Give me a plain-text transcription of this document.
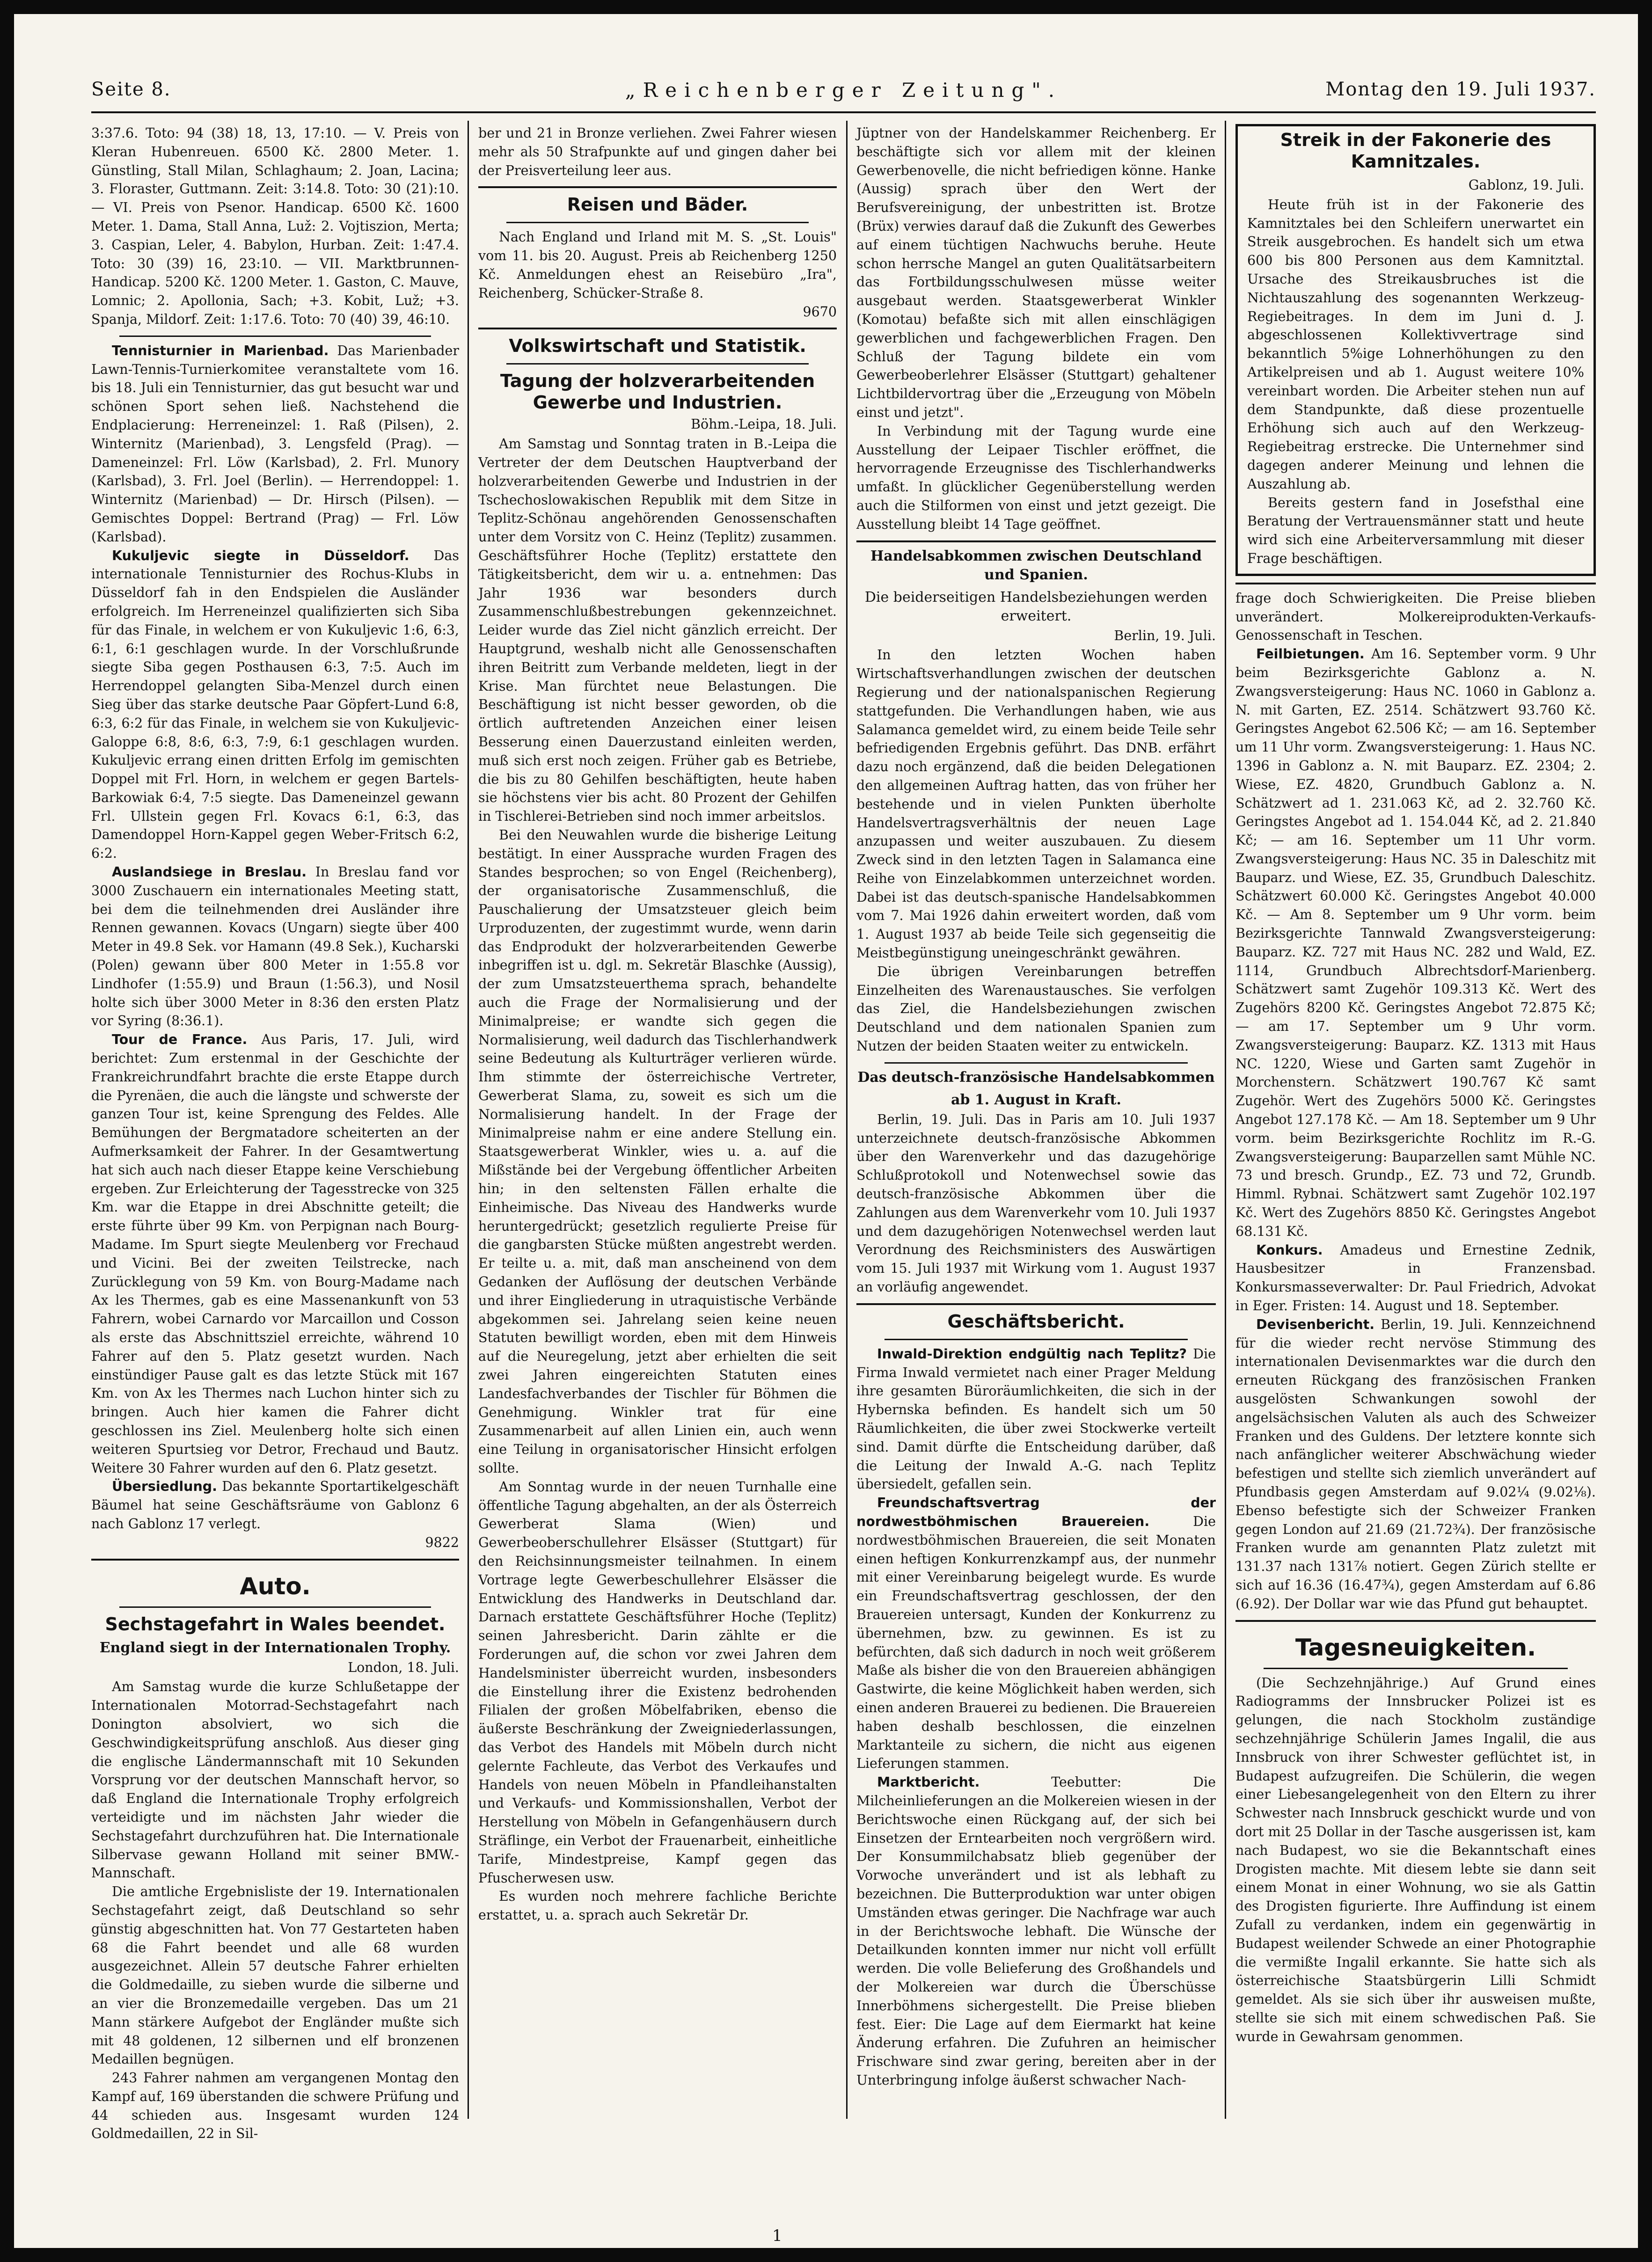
Seite 8.	„Reichenberger Zeitung".	Montag den 19. Juli 1937.

3:37.6. Toto: 94 (38) 18, 13, 17:10. — V. Preis von Kleran Hubenreuen. 6500 Kč. 2800 Meter. 1. Günstling, Stall Milan, Schlaghaum; 2. Joan, Lacina; 3. Floraster, Guttmann. Zeit: 3:14.8. Toto: 30 (21):10. — VI. Preis von Psenor. Handicap. 6500 Kč. 1600 Meter. 1. Dama, Stall Anna, Luž: 2. Vojtiszion, Merta; 3. Caspian, Leler, 4. Babylon, Hurban. Zeit: 1:47.4. Toto: 30 (39) 16, 23:10. — VII. Marktbrunnen-Handicap. 5200 Kč. 1200 Meter. 1. Gaston, C. Mauve, Lomnic; 2. Apollonia, Sach; +3. Kobit, Luž; +3. Spanja, Mildorf. Zeit: 1:17.6. Toto: 70 (40) 39, 46:10.

Tennisturnier in Marienbad. Das Marienbader Lawn-Tennis-Turnierkomitee veranstaltete vom 16. bis 18. Juli ein Tennisturnier, das gut besucht war und schönen Sport sehen ließ. Nachstehend die Endplacierung: Herreneinzel: 1. Raß (Pilsen), 2. Winternitz (Marienbad), 3. Lengsfeld (Prag). — Dameneinzel: Frl. Löw (Karlsbad), 2. Frl. Munory (Karlsbad), 3. Frl. Joel (Berlin). — Herrendoppel: 1. Winternitz (Marienbad) — Dr. Hirsch (Pilsen). — Gemischtes Doppel: Bertrand (Prag) — Frl. Löw (Karlsbad).

Kukuljevic siegte in Düsseldorf. Das internationale Tennisturnier des Rochus-Klubs in Düsseldorf fah in den Endspielen die Ausländer erfolgreich. Im Herreneinzel qualifizierten sich Siba für das Finale, in welchem er von Kukuljevic 1:6, 6:3, 6:1, 6:1 geschlagen wurde. In der Vorschlußrunde siegte Siba gegen Posthausen 6:3, 7:5. Auch im Herrendoppel gelangten Siba-Menzel durch einen Sieg über das starke deutsche Paar Göpfert-Lund 6:8, 6:3, 6:2 für das Finale, in welchem sie von Kukuljevic-Galoppe 6:8, 8:6, 6:3, 7:9, 6:1 geschlagen wurden. Kukuljevic errang einen dritten Erfolg im gemischten Doppel mit Frl. Horn, in welchem er gegen Bartels-Barkowiak 6:4, 7:5 siegte. Das Dameneinzel gewann Frl. Ullstein gegen Frl. Kovacs 6:1, 6:3, das Damendoppel Horn-Kappel gegen Weber-Fritsch 6:2, 6:2.

Auslandsiege in Breslau. In Breslau fand vor 3000 Zuschauern ein internationales Meeting statt, bei dem die teilnehmenden drei Ausländer ihre Rennen gewannen. Kovacs (Ungarn) siegte über 400 Meter in 49.8 Sek. vor Hamann (49.8 Sek.), Kucharski (Polen) gewann über 800 Meter in 1:55.8 vor Lindhofer (1:55.9) und Braun (1:56.3), und Nosil holte sich über 3000 Meter in 8:36 den ersten Platz vor Syring (8:36.1).

Tour de France. Aus Paris, 17. Juli, wird berichtet: Zum erstenmal in der Geschichte der Frankreichrundfahrt brachte die erste Etappe durch die Pyrenäen, die auch die längste und schwerste der ganzen Tour ist, keine Sprengung des Feldes. Alle Bemühungen der Bergmatadore scheiterten an der Aufmerksamkeit der Fahrer. In der Gesamtwertung hat sich auch nach dieser Etappe keine Verschiebung ergeben. Zur Erleichterung der Tagesstrecke von 325 Km. war die Etappe in drei Abschnitte geteilt; die erste führte über 99 Km. von Perpignan nach Bourg-Madame. Im Spurt siegte Meulenberg vor Frechaud und Vicini. Bei der zweiten Teilstrecke, nach Zurücklegung von 59 Km. von Bourg-Madame nach Ax les Thermes, gab es eine Massenankunft von 53 Fahrern, wobei Carnardo vor Marcaillon und Cosson als erste das Abschnittsziel erreichte, während 10 Fahrer auf den 5. Platz gesetzt wurden. Nach einstündiger Pause galt es das letzte Stück mit 167 Km. von Ax les Thermes nach Luchon hinter sich zu bringen. Auch hier kamen die Fahrer dicht geschlossen ins Ziel. Meulenberg holte sich einen weiteren Spurtsieg vor Detror, Frechaud und Bautz. Weitere 30 Fahrer wurden auf den 6. Platz gesetzt.

Übersiedlung. Das bekannte Sportartikelgeschäft Bäumel hat seine Geschäftsräume von Gablonz 6 nach Gablonz 17 verlegt.

9822

Auto.
Sechstagefahrt in Wales beendet.
England siegt in der Internationalen Trophy.

London, 18. Juli.

Am Samstag wurde die kurze Schlußetappe der Internationalen Motorrad-Sechstagefahrt nach Donington absolviert, wo sich die Geschwindigkeitsprüfung anschloß. Aus dieser ging die englische Ländermannschaft mit 10 Sekunden Vorsprung vor der deutschen Mannschaft hervor, so daß England die Internationale Trophy erfolgreich verteidigte und im nächsten Jahr wieder die Sechstagefahrt durchzuführen hat. Die Internationale Silbervase gewann Holland mit seiner BMW.-Mannschaft.

Die amtliche Ergebnisliste der 19. Internationalen Sechstagefahrt zeigt, daß Deutschland so sehr günstig abgeschnitten hat. Von 77 Gestarteten haben 68 die Fahrt beendet und alle 68 wurden ausgezeichnet. Allein 57 deutsche Fahrer erhielten die Goldmedaille, zu sieben wurde die silberne und an vier die Bronzemedaille vergeben. Das um 21 Mann stärkere Aufgebot der Engländer mußte sich mit 48 goldenen, 12 silbernen und elf bronzenen Medaillen begnügen.

243 Fahrer nahmen am vergangenen Montag den Kampf auf, 169 überstanden die schwere Prüfung und 44 schieden aus. Insgesamt wurden 124 Goldmedaillen, 22 in Sil-

ber und 21 in Bronze verliehen. Zwei Fahrer wiesen mehr als 50 Strafpunkte auf und gingen daher bei der Preisverteilung leer aus.

Reisen und Bäder.

Nach England und Irland mit M. S. „St. Louis" vom 11. bis 20. August. Preis ab Reichenberg 1250 Kč. Anmeldungen ehest an Reisebüro „Ira", Reichenberg, Schücker-Straße 8.

9670

Volkswirtschaft und Statistik.
Tagung der holzverarbeitenden Gewerbe und Industrien.

Böhm.-Leipa, 18. Juli.

Am Samstag und Sonntag traten in B.-Leipa die Vertreter der dem Deutschen Hauptverband der holzverarbeitenden Gewerbe und Industrien in der Tschechoslowakischen Republik mit dem Sitze in Teplitz-Schönau angehörenden Genossenschaften unter dem Vorsitz von C. Heinz (Teplitz) zusammen. Geschäftsführer Hoche (Teplitz) erstattete den Tätigkeitsbericht, dem wir u. a. entnehmen: Das Jahr 1936 war besonders durch Zusammenschlußbestrebungen gekennzeichnet. Leider wurde das Ziel nicht gänzlich erreicht. Der Hauptgrund, weshalb nicht alle Genossenschaften ihren Beitritt zum Verbande meldeten, liegt in der Krise. Man fürchtet neue Belastungen. Die Beschäftigung ist nicht besser geworden, ob die örtlich auftretenden Anzeichen einer leisen Besserung einen Dauerzustand einleiten werden, muß sich erst noch zeigen. Früher gab es Betriebe, die bis zu 80 Gehilfen beschäftigten, heute haben sie höchstens vier bis acht. 80 Prozent der Gehilfen in Tischlerei-Betrieben sind noch immer arbeitslos.

Bei den Neuwahlen wurde die bisherige Leitung bestätigt. In einer Aussprache wurden Fragen des Standes besprochen; so von Engel (Reichenberg), der organisatorische Zusammenschluß, die Pauschalierung der Umsatzsteuer gleich beim Urproduzenten, der zugestimmt wurde, wenn darin das Endprodukt der holzverarbeitenden Gewerbe inbegriffen ist u. dgl. m. Sekretär Blaschke (Aussig), der zum Umsatzsteuerthema sprach, behandelte auch die Frage der Normalisierung und der Minimalpreise; er wandte sich gegen die Normalisierung, weil dadurch das Tischlerhandwerk seine Bedeutung als Kulturträger verlieren würde. Ihm stimmte der österreichische Vertreter, Gewerberat Slama, zu, soweit es sich um die Normalisierung handelt. In der Frage der Minimalpreise nahm er eine andere Stellung ein. Staatsgewerberat Winkler, wies u. a. auf die Mißstände bei der Vergebung öffentlicher Arbeiten hin; in den seltensten Fällen erhalte die Einheimische. Das Niveau des Handwerks wurde heruntergedrückt; gesetzlich regulierte Preise für die gangbarsten Stücke müßten angestrebt werden. Er teilte u. a. mit, daß man anscheinend von dem Gedanken der Auflösung der deutschen Verbände und ihrer Eingliederung in utraquistische Verbände abgekommen sei. Jahrelang seien keine neuen Statuten bewilligt worden, eben mit dem Hinweis auf die Neuregelung, jetzt aber erhielten die seit zwei Jahren eingereichten Statuten eines Landesfachverbandes der Tischler für Böhmen die Genehmigung. Winkler trat für eine Zusammenarbeit auf allen Linien ein, auch wenn eine Teilung in organisatorischer Hinsicht erfolgen sollte.

Am Sonntag wurde in der neuen Turnhalle eine öffentliche Tagung abgehalten, an der als Österreich Gewerberat Slama (Wien) und Gewerbeoberschullehrer Elsässer (Stuttgart) für den Reichsinnungsmeister teilnahmen. In einem Vortrage legte Gewerbeschullehrer Elsässer die Entwicklung des Handwerks in Deutschland dar. Darnach erstattete Geschäftsführer Hoche (Teplitz) seinen Jahresbericht. Darin zählte er die Forderungen auf, die schon vor zwei Jahren dem Handelsminister überreicht wurden, insbesonders die Einstellung ihrer die Existenz bedrohenden Filialen der großen Möbelfabriken, ebenso die äußerste Beschränkung der Zweigniederlassungen, das Verbot des Handels mit Möbeln durch nicht gelernte Fachleute, das Verbot des Verkaufes und Handels von neuen Möbeln in Pfandleihanstalten und Verkaufs- und Kommissionshallen, Verbot der Herstellung von Möbeln in Gefangenhäusern durch Sträflinge, ein Verbot der Frauenarbeit, einheitliche Tarife, Mindestpreise, Kampf gegen das Pfuscherwesen usw.

Es wurden noch mehrere fachliche Berichte erstattet, u. a. sprach auch Sekretär Dr.

Jüptner von der Handelskammer Reichenberg. Er beschäftigte sich vor allem mit der kleinen Gewerbenovelle, die nicht befriedigen könne. Hanke (Aussig) sprach über den Wert der Berufsvereinigung, der unbestritten ist. Brotze (Brüx) verwies darauf daß die Zukunft des Gewerbes auf einem tüchtigen Nachwuchs beruhe. Heute schon herrsche Mangel an guten Qualitätsarbeitern das Fortbildungsschulwesen müsse weiter ausgebaut werden. Staatsgewerberat Winkler (Komotau) befaßte sich mit allen einschlägigen gewerblichen und fachgewerblichen Fragen. Den Schluß der Tagung bildete ein vom Gewerbeoberlehrer Elsässer (Stuttgart) gehaltener Lichtbildervortrag über die „Erzeugung von Möbeln einst und jetzt".

In Verbindung mit der Tagung wurde eine Ausstellung der Leipaer Tischler eröffnet, die hervorragende Erzeugnisse des Tischlerhandwerks umfaßt. In glücklicher Gegenüberstellung werden auch die Stilformen von einst und jetzt gezeigt. Die Ausstellung bleibt 14 Tage geöffnet.

Handelsabkommen zwischen Deutschland und Spanien.
Die beiderseitigen Handelsbeziehungen werden erweitert.

Berlin, 19. Juli.

In den letzten Wochen haben Wirtschaftsverhandlungen zwischen der deutschen Regierung und der nationalspanischen Regierung stattgefunden. Die Verhandlungen haben, wie aus Salamanca gemeldet wird, zu einem beide Teile sehr befriedigenden Ergebnis geführt. Das DNB. erfährt dazu noch ergänzend, daß die beiden Delegationen den allgemeinen Auftrag hatten, das von früher her bestehende und in vielen Punkten überholte Handelsvertragsverhältnis der neuen Lage anzupassen und weiter auszubauen. Zu diesem Zweck sind in den letzten Tagen in Salamanca eine Reihe von Einzelabkommen unterzeichnet worden. Dabei ist das deutsch-spanische Handelsabkommen vom 7. Mai 1926 dahin erweitert worden, daß vom 1. August 1937 ab beide Teile sich gegenseitig die Meistbegünstigung uneingeschränkt gewähren.

Die übrigen Vereinbarungen betreffen Einzelheiten des Warenaustausches. Sie verfolgen das Ziel, die Handelsbeziehungen zwischen Deutschland und dem nationalen Spanien zum Nutzen der beiden Staaten weiter zu entwickeln.

Das deutsch-französische Handelsabkommen
ab 1. August in Kraft.

Berlin, 19. Juli. Das in Paris am 10. Juli 1937 unterzeichnete deutsch-französische Abkommen über den Warenverkehr und das dazugehörige Schlußprotokoll und Notenwechsel sowie das deutsch-französische Abkommen über die Zahlungen aus dem Warenverkehr vom 10. Juli 1937 und dem dazugehörigen Notenwechsel werden laut Verordnung des Reichsministers des Auswärtigen vom 15. Juli 1937 mit Wirkung vom 1. August 1937 an vorläufig angewendet.

Geschäftsbericht.

Inwald-Direktion endgültig nach Teplitz? Die Firma Inwald vermietet nach einer Prager Meldung ihre gesamten Büroräumlichkeiten, die sich in der Hybernska befinden. Es handelt sich um 50 Räumlichkeiten, die über zwei Stockwerke verteilt sind. Damit dürfte die Entscheidung darüber, daß die Leitung der Inwald A.-G. nach Teplitz übersiedelt, gefallen sein.

Freundschaftsvertrag der nordwestböhmischen Brauereien.	Die nordwestböhmischen Brauereien, die seit Monaten einen heftigen Konkurrenzkampf aus, der nunmehr mit einer Vereinbarung beigelegt wurde. Es wurde ein Freundschaftsvertrag geschlossen, der den Brauereien untersagt, Kunden der Konkurrenz zu übernehmen, bzw. zu gewinnen. Es ist zu befürchten, daß sich dadurch in noch weit größerem Maße als bisher die von den Brauereien abhängigen Gastwirte, die keine Möglichkeit haben werden, sich einen anderen Brauerei zu bedienen. Die Brauereien haben deshalb beschlossen, die einzelnen Marktanteile zu sichern, die nicht aus eigenen Lieferungen stammen.

Marktbericht.	Teebutter: Die Milcheinlieferungen an die Molkereien wiesen in der Berichtswoche einen Rückgang auf, der sich bei Einsetzen der Erntearbeiten noch vergrößern wird. Der Konsummilchabsatz blieb gegenüber der Vorwoche unverändert und ist als lebhaft zu bezeichnen. Die Butterproduktion war unter obigen Umständen etwas geringer. Die Nachfrage war auch in der Berichtswoche lebhaft. Die Wünsche der Detailkunden konnten immer nur nicht voll erfüllt werden. Die volle Belieferung des Großhandels und der Molkereien war durch die Überschüsse Innerböhmens sichergestellt. Die Preise blieben fest. Eier: Die Lage auf dem Eiermarkt hat keine Änderung erfahren. Die Zufuhren an heimischer Frischware sind zwar gering, bereiten aber in der Unterbringung infolge äußerst schwacher Nach-

Streik in der Fakonerie des Kamnitzales.

Gablonz, 19. Juli.

Heute früh ist in der Fakonerie des Kamnitztales bei den Schleifern unerwartet ein Streik ausgebrochen. Es handelt sich um etwa 600 bis 800 Personen aus dem Kamnitztal. Ursache des Streikausbruches ist die Nichtauszahlung des sogenannten Werkzeug-Regiebeitrages. In dem im Juni d. J. abgeschlossenen Kollektivvertrage sind bekanntlich 5%ige Lohnerhöhungen zu den Artikelpreisen und ab 1. August weitere 10% vereinbart worden. Die Arbeiter stehen nun auf dem Standpunkte, daß diese prozentuelle Erhöhung sich auch auf den Werkzeug-Regiebeitrag erstrecke. Die Unternehmer sind dagegen anderer Meinung und lehnen die Auszahlung ab.

Bereits gestern fand in Josefsthal eine Beratung der Vertrauensmänner statt und heute wird sich eine Arbeiterversammlung mit dieser Frage beschäftigen.

frage doch Schwierigkeiten. Die Preise blieben unverändert. Molkereiprodukten-Verkaufs-Genossenschaft in Teschen.

Feilbietungen. Am 16. September vorm. 9 Uhr beim Bezirksgerichte Gablonz a. N. Zwangsversteigerung: Haus NC. 1060 in Gablonz a. N. mit Garten, EZ. 2514. Schätzwert 93.760 Kč. Geringstes Angebot 62.506 Kč; — am 16. September um 11 Uhr vorm. Zwangsversteigerung: 1. Haus NC. 1396 in Gablonz a. N. mit Bauparz. EZ. 2304; 2. Wiese, EZ. 4820, Grundbuch Gablonz a. N. Schätzwert ad 1. 231.063 Kč, ad 2. 32.760 Kč. Geringstes Angebot ad 1. 154.044 Kč, ad 2. 21.840 Kč; — am 16. September um 11 Uhr vorm. Zwangsversteigerung: Haus NC. 35 in Daleschitz mit Bauparz. und Wiese, EZ. 35, Grundbuch Daleschitz. Schätzwert 60.000 Kč. Geringstes Angebot 40.000 Kč. — Am 8. September um 9 Uhr vorm. beim Bezirksgerichte Tannwald Zwangsversteigerung: Bauparz. KZ. 727 mit Haus NC. 282 und Wald, EZ. 1114, Grundbuch Albrechtsdorf-Marienberg. Schätzwert samt Zugehör 109.313 Kč. Wert des Zugehörs 8200 Kč. Geringstes Angebot 72.875 Kč; — am 17. September um 9 Uhr vorm. Zwangsversteigerung: Bauparz. KZ. 1313 mit Haus NC. 1220, Wiese und Garten samt Zugehör in Morchenstern. Schätzwert 190.767 Kč samt Zugehör. Wert des Zugehörs 5000 Kč. Geringstes Angebot 127.178 Kč. — Am 18. September um 9 Uhr vorm. beim Bezirksgerichte Rochlitz im R.-G. Zwangsversteigerung: Bauparzellen samt Mühle NC. 73 und bresch. Grundp., EZ. 73 und 72, Grundb. Himml. Rybnai. Schätzwert samt Zugehör 102.197 Kč. Wert des Zugehörs 8850 Kč. Geringstes Angebot 68.131 Kč.

Konkurs. Amadeus und Ernestine Zednik, Hausbesitzer in Franzensbad. Konkursmasseverwalter: Dr. Paul Friedrich, Advokat in Eger. Fristen: 14. August und 18. September.

Devisenbericht. Berlin, 19. Juli. Kennzeichnend für die wieder recht nervöse Stimmung des internationalen Devisenmarktes war die durch den erneuten Rückgang des französischen Franken ausgelösten Schwankungen sowohl der angelsächsischen Valuten als auch des Schweizer Franken und des Guldens. Der letztere konnte sich nach anfänglicher weiterer Abschwächung wieder befestigen und stellte sich ziemlich unverändert auf Pfundbasis gegen Amsterdam auf 9.02¼ (9.02⅛). Ebenso befestigte sich der Schweizer Franken gegen London auf 21.69 (21.72¾). Der französische Franken wurde am genannten Platz zuletzt mit 131.37 nach 131⅞ notiert. Gegen Zürich stellte er sich auf 16.36 (16.47¾), gegen Amsterdam auf 6.86 (6.92). Der Dollar war wie das Pfund gut behauptet.

Tagesneuigkeiten.

(Die Sechzehnjährige.) Auf Grund eines Radiogramms der Innsbrucker Polizei ist es gelungen, die nach Stockholm zuständige sechzehnjährige Schülerin James Ingalil, die aus Innsbruck von ihrer Schwester geflüchtet ist, in Budapest aufzugreifen. Die Schülerin, die wegen einer Liebesangelegenheit von den Eltern zu ihrer Schwester nach Innsbruck geschickt wurde und von dort mit 25 Dollar in der Tasche ausgerissen ist, kam nach Budapest, wo sie die Bekanntschaft eines Drogisten machte. Mit diesem lebte sie dann seit einem Monat in einer Wohnung, wo sie als Gattin des Drogisten figurierte. Ihre Auffindung ist einem Zufall zu verdanken, indem ein gegenwärtig in Budapest weilender Schwede an einer Photographie die vermißte Ingalil erkannte. Sie hatte sich als österreichische Staatsbürgerin Lilli Schmidt gemeldet. Als sie sich über ihr ausweisen mußte, stellte sie sich mit einem schwedischen Paß. Sie wurde in Gewahrsam genommen.

1
